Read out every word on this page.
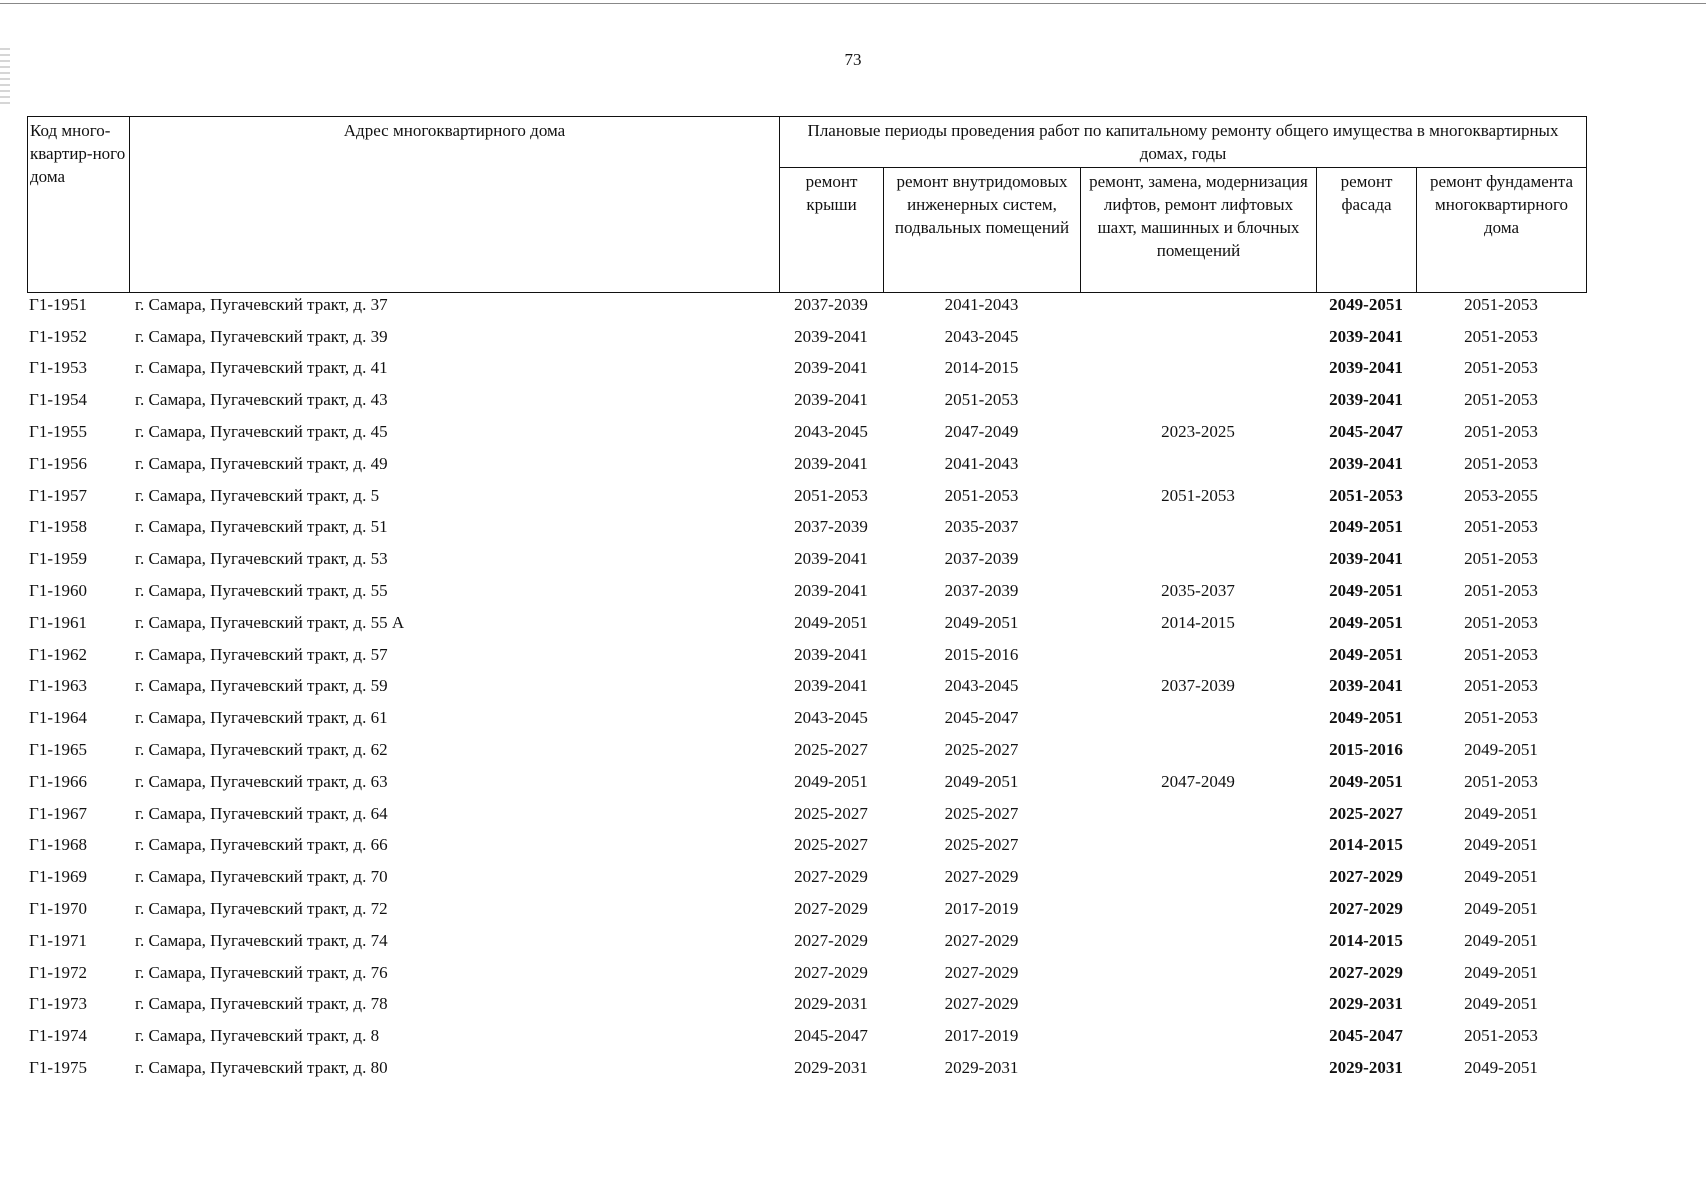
73
Код много-квартир-ного дома	Адрес многоквартирного дома	Плановые периоды проведения работ по капитальному ремонту общего имущества в многоквартирных домах, годы				
		ремонт крыши	ремонт внутридомовых инженерных систем, подвальных помещений	ремонт, замена, модернизация лифтов, ремонт лифтовых шахт, машинных и блочных помещений	ремонт фасада	ремонт фундамента многоквартирного дома
Г1-1951	г. Самара, Пугачевский тракт, д. 37	2037-2039	2041-2043		2049-2051	2051-2053
Г1-1952	г. Самара, Пугачевский тракт, д. 39	2039-2041	2043-2045		2039-2041	2051-2053
Г1-1953	г. Самара, Пугачевский тракт, д. 41	2039-2041	2014-2015		2039-2041	2051-2053
Г1-1954	г. Самара, Пугачевский тракт, д. 43	2039-2041	2051-2053		2039-2041	2051-2053
Г1-1955	г. Самара, Пугачевский тракт, д. 45	2043-2045	2047-2049	2023-2025	2045-2047	2051-2053
Г1-1956	г. Самара, Пугачевский тракт, д. 49	2039-2041	2041-2043		2039-2041	2051-2053
Г1-1957	г. Самара, Пугачевский тракт, д. 5	2051-2053	2051-2053	2051-2053	2051-2053	2053-2055
Г1-1958	г. Самара, Пугачевский тракт, д. 51	2037-2039	2035-2037		2049-2051	2051-2053
Г1-1959	г. Самара, Пугачевский тракт, д. 53	2039-2041	2037-2039		2039-2041	2051-2053
Г1-1960	г. Самара, Пугачевский тракт, д. 55	2039-2041	2037-2039	2035-2037	2049-2051	2051-2053
Г1-1961	г. Самара, Пугачевский тракт, д. 55 А	2049-2051	2049-2051	2014-2015	2049-2051	2051-2053
Г1-1962	г. Самара, Пугачевский тракт, д. 57	2039-2041	2015-2016		2049-2051	2051-2053
Г1-1963	г. Самара, Пугачевский тракт, д. 59	2039-2041	2043-2045	2037-2039	2039-2041	2051-2053
Г1-1964	г. Самара, Пугачевский тракт, д. 61	2043-2045	2045-2047		2049-2051	2051-2053
Г1-1965	г. Самара, Пугачевский тракт, д. 62	2025-2027	2025-2027		2015-2016	2049-2051
Г1-1966	г. Самара, Пугачевский тракт, д. 63	2049-2051	2049-2051	2047-2049	2049-2051	2051-2053
Г1-1967	г. Самара, Пугачевский тракт, д. 64	2025-2027	2025-2027		2025-2027	2049-2051
Г1-1968	г. Самара, Пугачевский тракт, д. 66	2025-2027	2025-2027		2014-2015	2049-2051
Г1-1969	г. Самара, Пугачевский тракт, д. 70	2027-2029	2027-2029		2027-2029	2049-2051
Г1-1970	г. Самара, Пугачевский тракт, д. 72	2027-2029	2017-2019		2027-2029	2049-2051
Г1-1971	г. Самара, Пугачевский тракт, д. 74	2027-2029	2027-2029		2014-2015	2049-2051
Г1-1972	г. Самара, Пугачевский тракт, д. 76	2027-2029	2027-2029		2027-2029	2049-2051
Г1-1973	г. Самара, Пугачевский тракт, д. 78	2029-2031	2027-2029		2029-2031	2049-2051
Г1-1974	г. Самара, Пугачевский тракт, д. 8	2045-2047	2017-2019		2045-2047	2051-2053
Г1-1975	г. Самара, Пугачевский тракт, д. 80	2029-2031	2029-2031		2029-2031	2049-2051
